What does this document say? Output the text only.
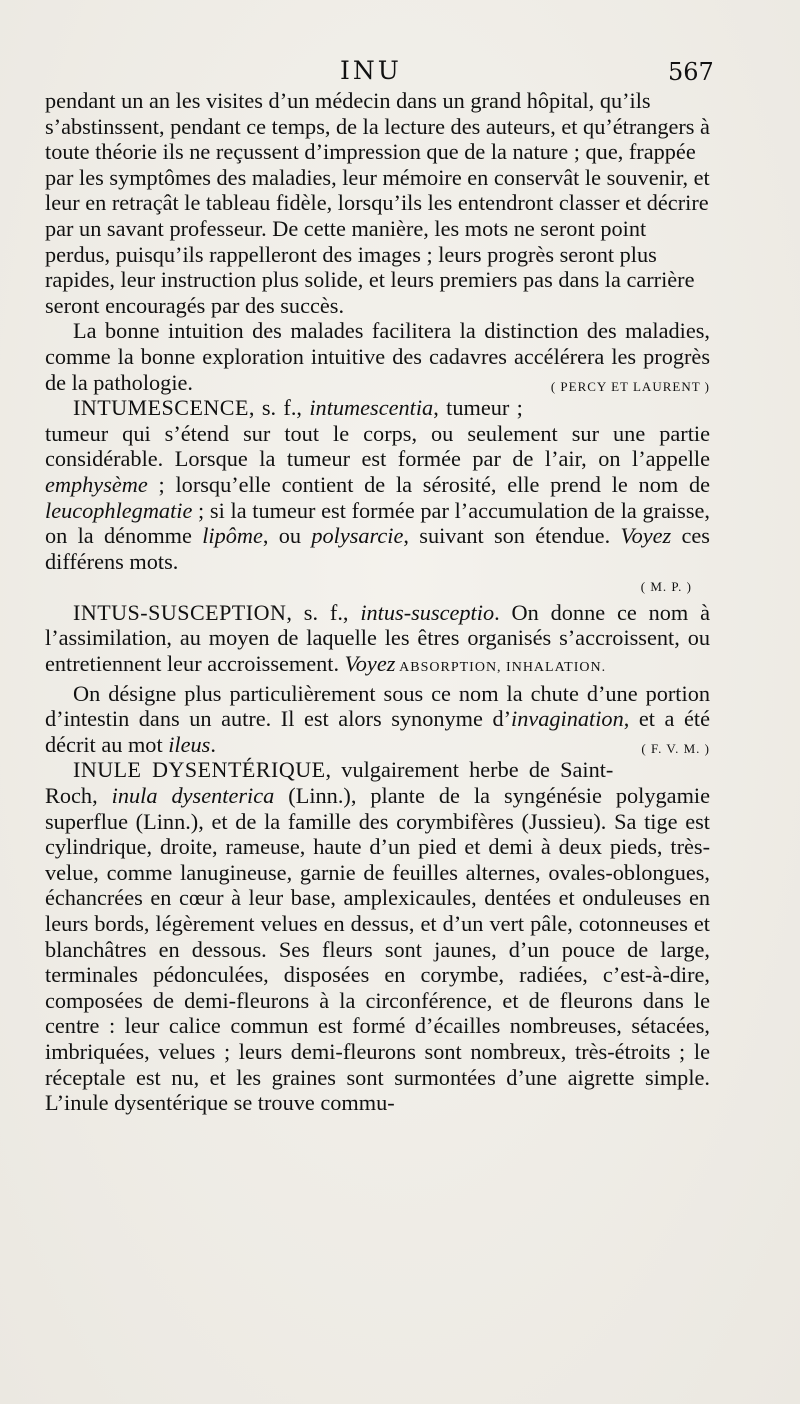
INU	567

pendant un an les visites d’un médecin dans un grand hôpital, qu’ils s’abstinssent, pendant ce temps, de la lecture des auteurs, et qu’étrangers à toute théorie ils ne reçussent d’impression que de la nature ; que, frappée par les symptômes des maladies, leur mémoire en conservât le souvenir, et leur en retraçât le tableau fidèle, lorsqu’ils les entendront classer et décrire par un savant professeur. De cette manière, les mots ne seront point perdus, puisqu’ils rappelleront des images ; leurs progrès seront plus rapides, leur instruction plus solide, et leurs premiers pas dans la carrière seront encouragés par des succès.

La bonne intuition des malades facilitera la distinction des maladies, comme la bonne exploration intuitive des cadavres accélérera les progrès de la pathologie.	( PERCY ET LAURENT )

INTUMESCENCE, s. f., intumescentia, tumeur ; tumeur qui s’étend sur tout le corps, ou seulement sur une partie considérable. Lorsque la tumeur est formée par de l’air, on l’appelle emphysème ; lorsqu’elle contient de la sérosité, elle prend le nom de leucophlegmatie ; si la tumeur est formée par l’accumulation de la graisse, on la dénomme lipôme, ou polysarcie, suivant son étendue. Voyez ces différens mots.

( M. P. )

INTUS-SUSCEPTION, s. f., intus-susceptio. On donne ce nom à l’assimilation, au moyen de laquelle les êtres organisés s’accroissent, ou entretiennent leur accroissement. Voyez ABSORPTION, INHALATION.

On désigne plus particulièrement sous ce nom la chute d’une portion d’intestin dans un autre. Il est alors synonyme d’invagination, et a été décrit au mot ileus.	( F. V. M. )

INULE DYSENTÉRIQUE, vulgairement herbe de Saint-Roch, inula dysenterica (Linn.), plante de la syngénésie polygamie superflue (Linn.), et de la famille des corymbifères (Jussieu). Sa tige est cylindrique, droite, rameuse, haute d’un pied et demi à deux pieds, très-velue, comme lanugineuse, garnie de feuilles alternes, ovales-oblongues, échancrées en cœur à leur base, amplexicaules, dentées et onduleuses en leurs bords, légèrement velues en dessus, et d’un vert pâle, cotonneuses et blanchâtres en dessous. Ses fleurs sont jaunes, d’un pouce de large, terminales pédonculées, disposées en corymbe, radiées, c’est-à-dire, composées de demi-fleurons à la circonférence, et de fleurons dans le centre : leur calice commun est formé d’écailles nombreuses, sétacées, imbriquées, velues ; leurs demi-fleurons sont nombreux, très-étroits ; le réceptale est nu, et les graines sont surmontées d’une aigrette simple. L’inule dysentérique se trouve commu-
